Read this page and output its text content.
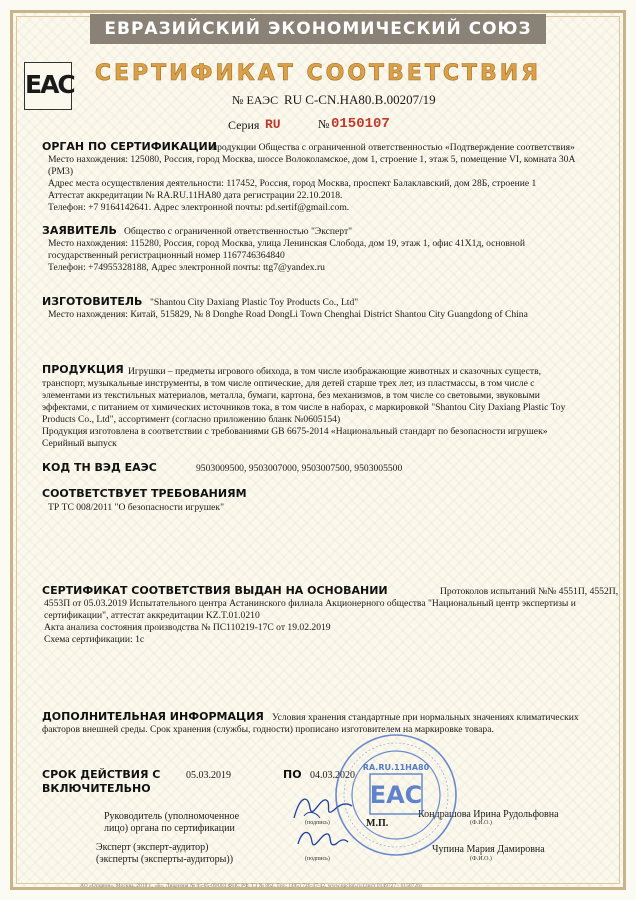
ЕВРАЗИЙСКИЙ ЭКОНОМИЧЕСКИЙ СОЮЗ
EAC СЕРТИФИКАТ СООТВЕТСТВИЯ
№ ЕАЭС RU С-CN.НА80.В.00207/19
Серия RU	№ 0150107
ОРГАН ПО СЕРТИФИКАЦИИ
продукции Общества с ограниченной ответственностью «Подтверждение соответствия»
Место нахождения: 125080, Россия, город Москва, шоссе Волоколамское, дом 1, строение 1, этаж 5, помещение VI, комната 30А
(РМ3)
Адрес места осуществления деятельности: 117452, Россия, город Москва, проспект Балаклавский, дом 28Б, строение 1
Аттестат аккредитации № RA.RU.11НА80 дата регистрации 22.10.2018.
Телефон: +7 9164142641. Адрес электронной почты: pd.sertif@gmail.com.
ЗАЯВИТЕЛЬ Общество с ограниченной ответственностью "Эксперт"
Место нахождения: 115280, Россия, город Москва, улица Ленинская Слобода, дом 19, этаж 1, офис 41Х1д, основной
государственный регистрационный номер 1167746364840
Телефон: +74955328188, Адрес электронной почты: ttg7@yandex.ru
ИЗГОТОВИТЕЛЬ "Shantou City Daxiang Plastic Toy Products Co., Ltd"
Место нахождения: Китай, 515829, № 8 Donghe Road DongLi Town Chenghai District Shantou City Guangdong of China
ПРОДУКЦИЯ Игрушки – предметы игрового обихода, в том числе изображающие животных и сказочных существ,
транспорт, музыкальные инструменты, в том числе оптические, для детей старше трех лет, из пластмассы, в том числе с
элементами из текстильных материалов, металла, бумаги, картона, без механизмов, в том числе со световыми, звуковыми
эффектами, с питанием от химических источников тока, в том числе в наборах, с маркировкой "Shantou City Daxiang Plastic Toy
Products Co., Ltd", ассортимент (согласно приложению бланк №0605154)
Продукция изготовлена в соответствии с требованиями GB 6675-2014 «Национальный стандарт по безопасности игрушек»
Серийный выпуск
КОД ТН ВЭД ЕАЭС	9503009500, 9503007000, 9503007500, 9503005500
СООТВЕТСТВУЕТ ТРЕБОВАНИЯМ
ТР ТС 008/2011 "О безопасности игрушек"
СЕРТИФИКАТ СООТВЕТСТВИЯ ВЫДАН НА ОСНОВАНИИ	Протоколов испытаний №№ 4551П, 4552П,
4553П от 05.03.2019 Испытательного центра Астанинского филиала Акционерного общества "Национальный центр экспертизы и
сертификации", аттестат аккредитации KZ.T.01.0210
Акта анализа состояния производства № ПС110219-17С от 19.02.2019
Схема сертификации: 1с
ДОПОЛНИТЕЛЬНАЯ ИНФОРМАЦИЯ Условия хранения стандартные при нормальных значениях климатических
факторов внешней среды. Срок хранения (службы, годности) прописано изготовителем на маркировке товара.
СРОК ДЕЙСТВИЯ С
ВКЛЮЧИТЕЛЬНО
05.03.2019	ПО 04.03.2020
Руководитель (уполномоченное
лицо) органа по сертификации	(подпись)	М.П.
Кондрашова Ирина Рудольфовна
(Ф.И.О.)
Эксперт (эксперт-аудитор)
(эксперты (эксперты-аудиторы))	(подпись)
Чупина Мария Дамировна
(Ф.И.О.)
ЕАС
RA.RU.11НА80
АО «Опцион», Москва, 2018 г., «Б», Лицензия № 05-05-09/003 ФНС РФ, ТЗ № 862. Тел.: (495) 726-47-42, www.opcion.ru (лист 0149727 - 0150726)
